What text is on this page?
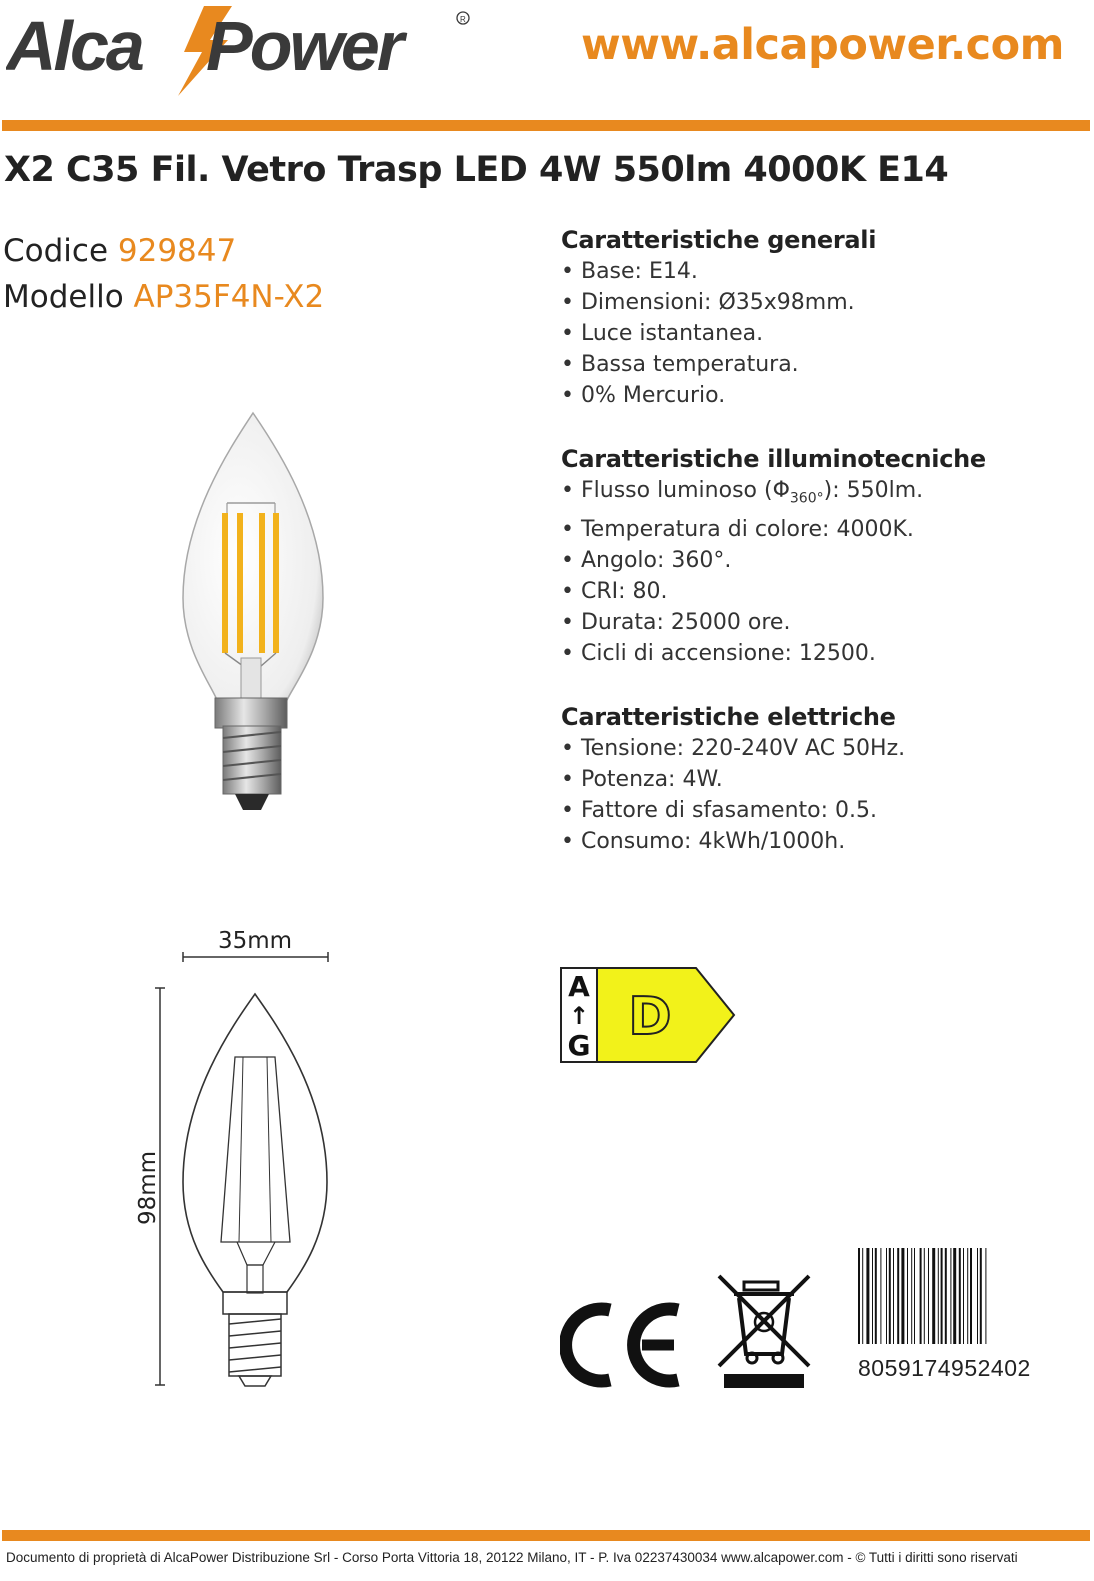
Alca Power	R
www.alcapower.com
X2 C35 Fil. Vetro Trasp LED 4W 550lm 4000K E14
Codice 929847
Modello AP35F4N-X2
Caratteristiche generali
• Base: E14.
• Dimensioni: Ø35x98mm.
• Luce istantanea.
• Bassa temperatura.
• 0% Mercurio.
Caratteristiche illuminotecniche
• Flusso luminoso $(\Phi_{360^\circ})$: 550lm.
• Temperatura di colore: 4000K.
• Angolo: 360°.
• CRI: 80.
• Durata: 25000 ore.
• Cicli di accensione: 12500.
Caratteristiche elettriche
• Tensione: 220-240V AC 50Hz.
• Potenza: 4W.
• Fattore di sfasamento: 0.5.
• Consumo: 4kWh/1000h.
35mm
98mm
A
↑
G D
8059174952402
Documento di proprietà di AlcaPower Distribuzione Srl - Corso Porta Vittoria 18, 20122 Milano, IT - P. Iva 02237430034 www.alcapower.com - © Tutti i diritti sono riservati
